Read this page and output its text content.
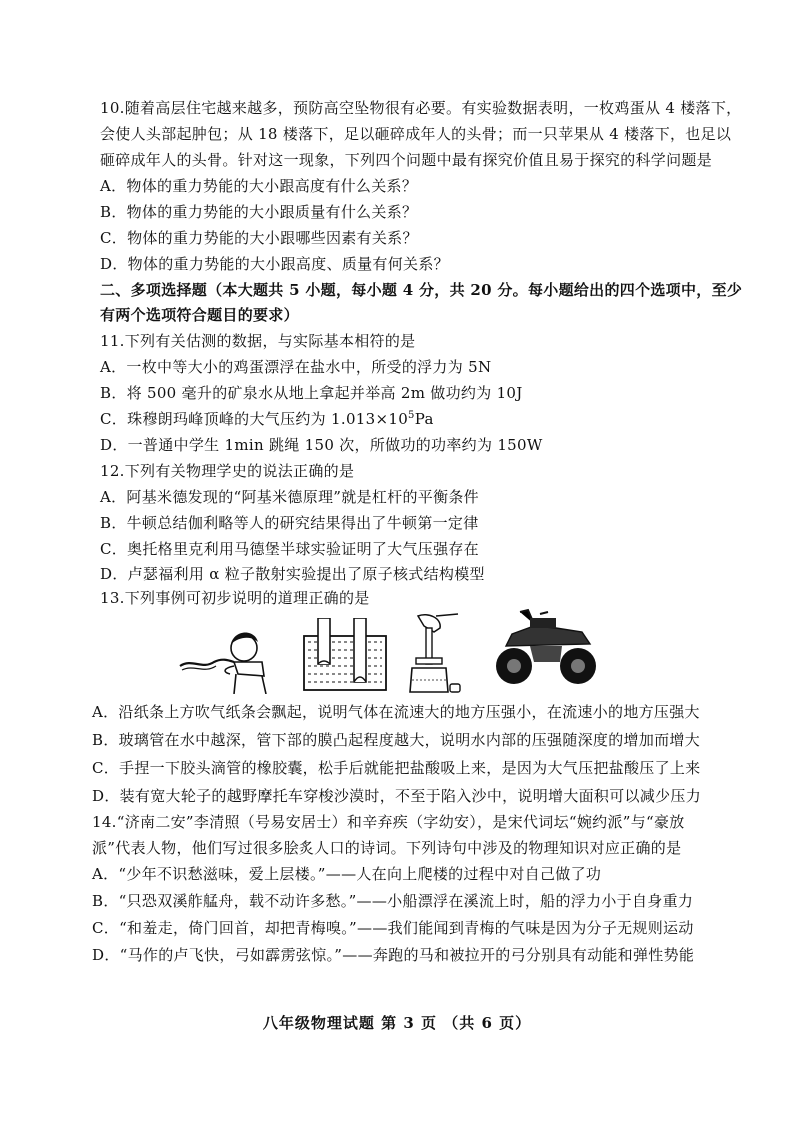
10.随着高层住宅越来越多，预防高空坠物很有必要。有实验数据表明，一枚鸡蛋从 4 楼落下，
会使人头部起肿包；从 18 楼落下，足以砸碎成年人的头骨；而一只苹果从 4 楼落下，也足以
砸碎成年人的头骨。针对这一现象，下列四个问题中最有探究价值且易于探究的科学问题是
A．物体的重力势能的大小跟高度有什么关系？
B．物体的重力势能的大小跟质量有什么关系？
C．物体的重力势能的大小跟哪些因素有关系？
D．物体的重力势能的大小跟高度、质量有何关系？
二、多项选择题（本大题共 5 小题，每小题 4 分，共 20 分。每小题给出的四个选项中，至少
有两个选项符合题目的要求）
11.下列有关估测的数据，与实际基本相符的是
A．一枚中等大小的鸡蛋漂浮在盐水中，所受的浮力为 5N
B．将 500 毫升的矿泉水从地上拿起并举高 2m 做功约为 10J
C．珠穆朗玛峰顶峰的大气压约为 $1.013\times 10^5Pa$
D．一普通中学生 1min 跳绳 150 次，所做功的功率约为 150W
12.下列有关物理学史的说法正确的是
A．阿基米德发现的“阿基米德原理”就是杠杆的平衡条件
B．牛顿总结伽利略等人的研究结果得出了牛顿第一定律
C．奥托格里克利用马德堡半球实验证明了大气压强存在
D．卢瑟福利用 α 粒子散射实验提出了原子核式结构模型
13.下列事例可初步说明的道理正确的是
A．沿纸条上方吹气纸条会飘起，说明气体在流速大的地方压强小，在流速小的地方压强大
B．玻璃管在水中越深，管下部的膜凸起程度越大，说明水内部的压强随深度的增加而增大
C．手捏一下胶头滴管的橡胶囊，松手后就能把盐酸吸上来，是因为大气压把盐酸压了上来
D．装有宽大轮子的越野摩托车穿梭沙漠时，不至于陷入沙中，说明增大面积可以减少压力
14.“济南二安”李清照（号易安居士）和辛弃疾（字幼安），是宋代词坛“婉约派”与“豪放
派”代表人物，他们写过很多脍炙人口的诗词。下列诗句中涉及的物理知识对应正确的是
A．“少年不识愁滋味，爱上层楼。”——人在向上爬楼的过程中对自己做了功
B．“只恐双溪舴艋舟，载不动许多愁。”——小船漂浮在溪流上时，船的浮力小于自身重力
C．“和羞走，倚门回首，却把青梅嗅。”——我们能闻到青梅的气味是因为分子无规则运动
D．“马作的卢飞快，弓如霹雳弦惊。”——奔跑的马和被拉开的弓分别具有动能和弹性势能
八年级物理试题 第 3 页 （共 6 页）
